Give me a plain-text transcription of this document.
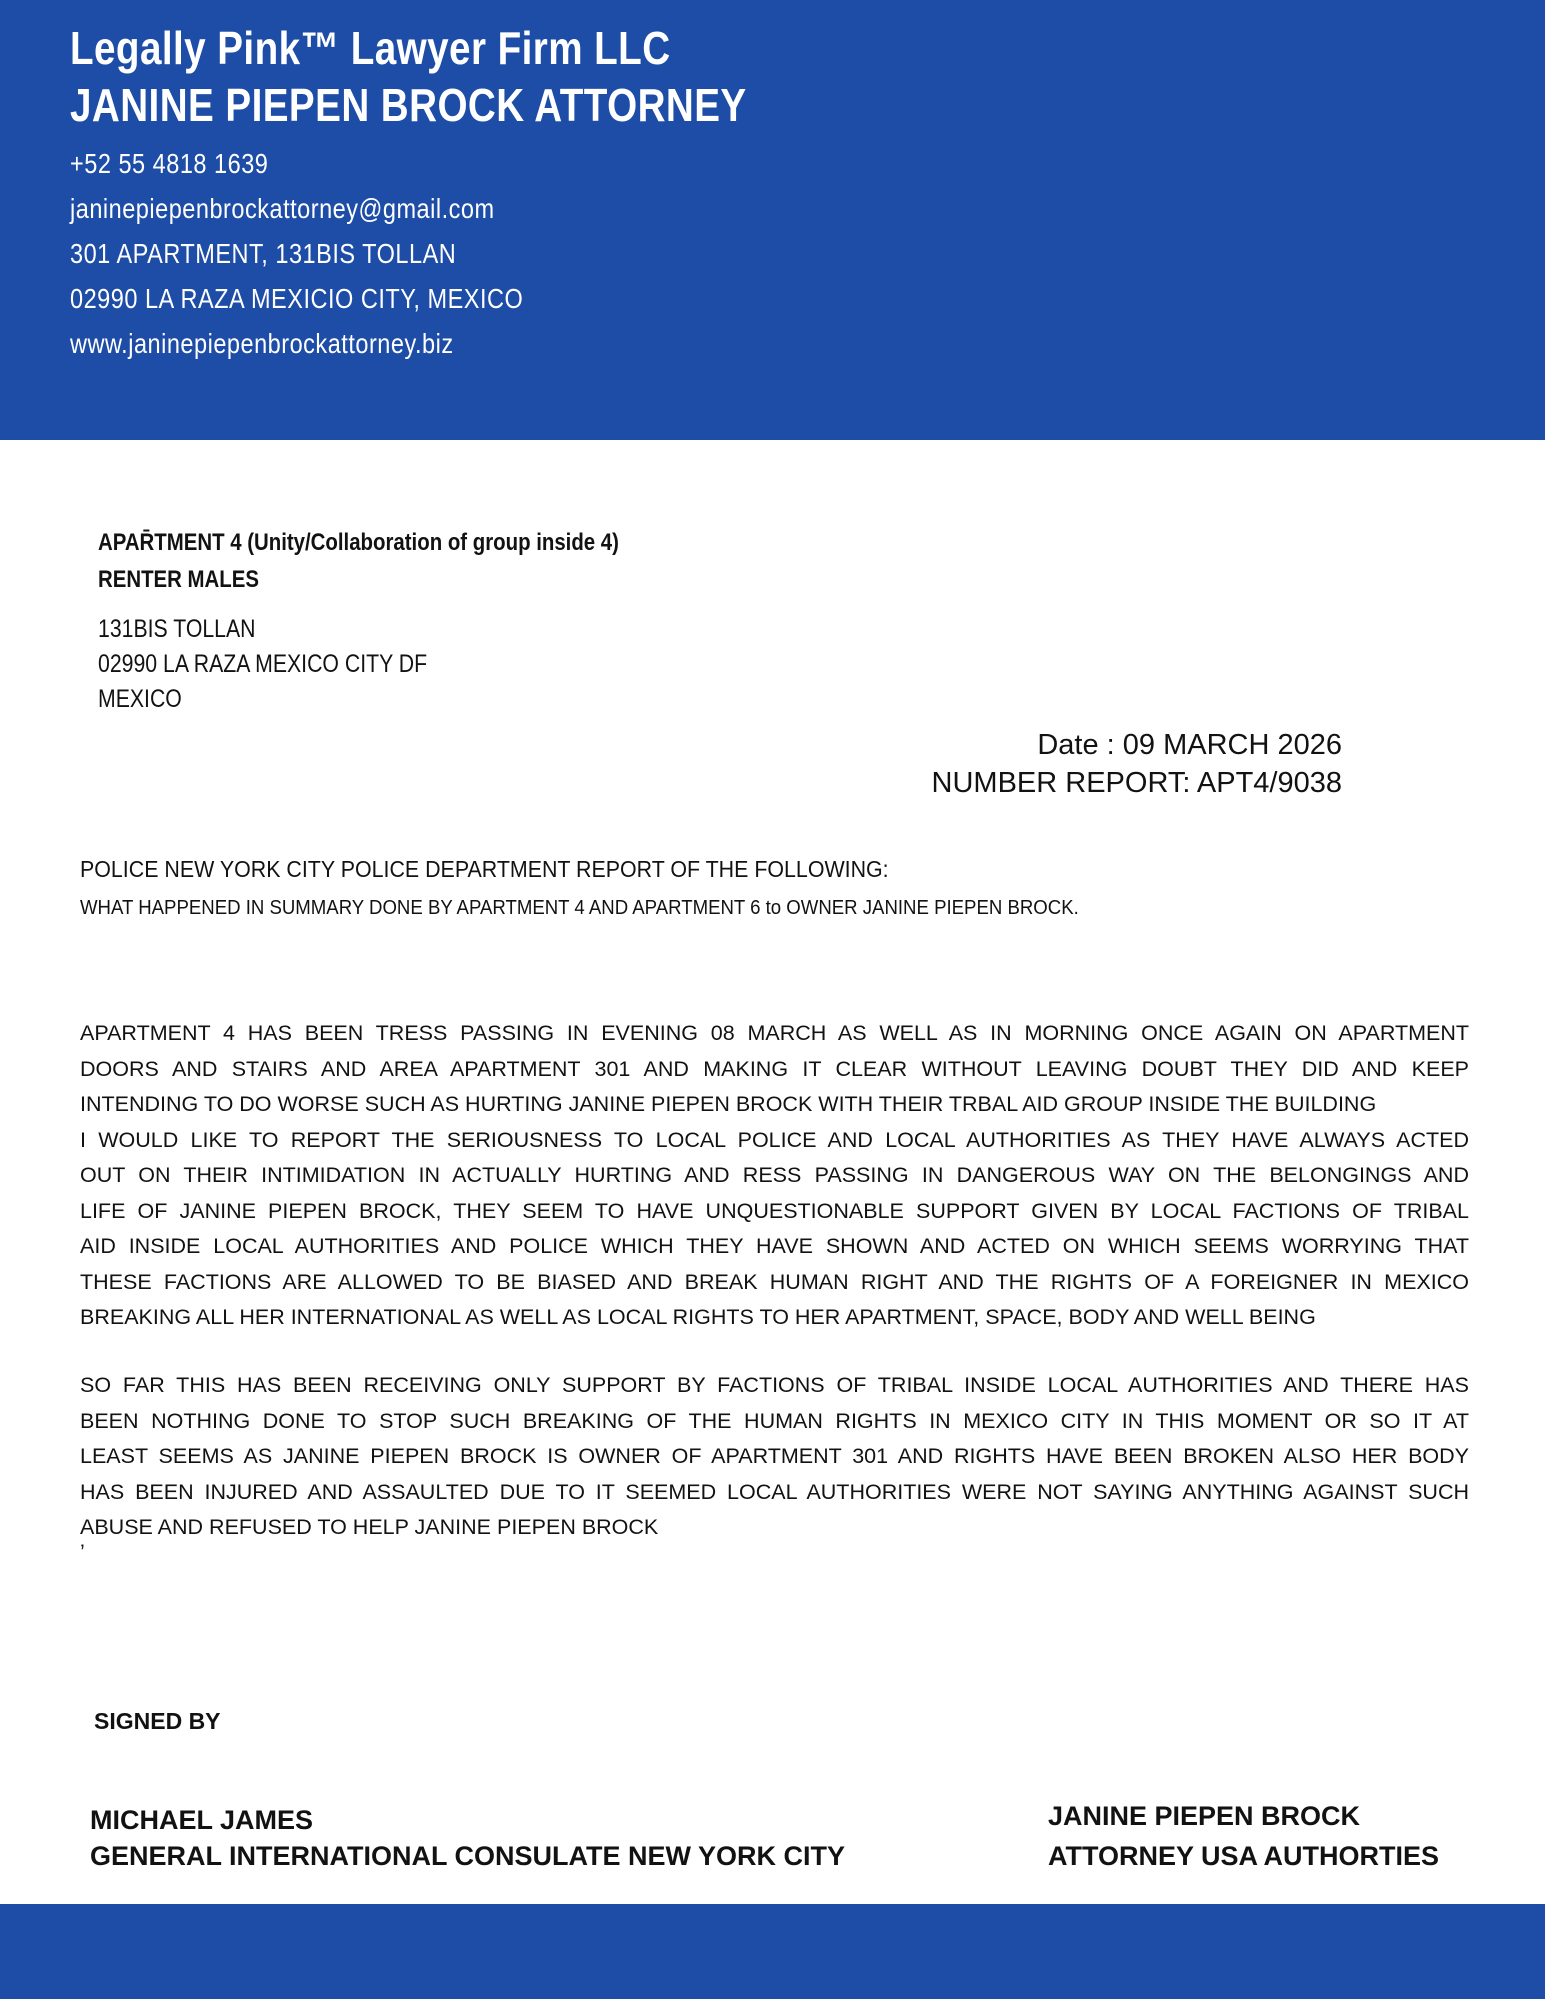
Legally Pink™ Lawyer Firm LLC
JANINE PIEPEN BROCK ATTORNEY
+52 55 4818 1639
janinepiepenbrockattorney@gmail.com
301 APARTMENT, 131BIS TOLLAN
02990 LA RAZA MEXICIO CITY, MEXICO
www.janinepiepenbrockattorney.biz
APAR̄TMENT 4 (Unity/Collaboration of group inside 4)
RENTER MALES
131BIS TOLLAN
02990 LA RAZA MEXICO CITY DF
MEXICO
Date : 09 MARCH 2026
NUMBER REPORT: APT4/9038
POLICE NEW YORK CITY POLICE DEPARTMENT REPORT OF THE FOLLOWING:
WHAT HAPPENED IN SUMMARY DONE BY APARTMENT 4 AND APARTMENT 6 to OWNER JANINE PIEPEN BROCK.
APARTMENT 4 HAS BEEN TRESS PASSING IN EVENING 08 MARCH AS WELL AS IN MORNING ONCE AGAIN ON APARTMENT
DOORS AND STAIRS AND AREA APARTMENT 301 AND MAKING IT CLEAR WITHOUT LEAVING DOUBT THEY DID AND KEEP
INTENDING TO DO WORSE SUCH AS HURTING JANINE PIEPEN BROCK WITH THEIR TRBAL AID GROUP INSIDE THE BUILDING
I WOULD LIKE TO REPORT THE SERIOUSNESS TO LOCAL POLICE AND LOCAL AUTHORITIES AS THEY HAVE ALWAYS ACTED
OUT ON THEIR INTIMIDATION IN ACTUALLY HURTING AND RESS PASSING IN DANGEROUS WAY ON THE BELONGINGS AND
LIFE OF JANINE PIEPEN BROCK, THEY SEEM TO HAVE UNQUESTIONABLE SUPPORT GIVEN BY LOCAL FACTIONS OF TRIBAL
AID INSIDE LOCAL AUTHORITIES AND POLICE WHICH THEY HAVE SHOWN AND ACTED ON WHICH SEEMS WORRYING THAT
THESE FACTIONS ARE ALLOWED TO BE BIASED AND BREAK HUMAN RIGHT AND THE RIGHTS OF A FOREIGNER IN MEXICO
BREAKING ALL HER INTERNATIONAL AS WELL AS LOCAL RIGHTS TO HER APARTMENT, SPACE, BODY AND WELL BEING
SO FAR THIS HAS BEEN RECEIVING ONLY SUPPORT BY FACTIONS OF TRIBAL INSIDE LOCAL AUTHORITIES AND THERE HAS
BEEN NOTHING DONE TO STOP SUCH BREAKING OF THE HUMAN RIGHTS IN MEXICO CITY IN THIS MOMENT OR SO IT AT
LEAST SEEMS AS JANINE PIEPEN BROCK IS OWNER OF APARTMENT 301 AND RIGHTS HAVE BEEN BROKEN ALSO HER BODY
HAS BEEN INJURED AND ASSAULTED DUE TO IT SEEMED LOCAL AUTHORITIES WERE NOT SAYING ANYTHING AGAINST SUCH
ABUSE AND REFUSED TO HELP JANINE PIEPEN BROCK
’
SIGNED BY
MICHAEL JAMES
GENERAL INTERNATIONAL CONSULATE NEW YORK CITY
JANINE PIEPEN BROCK
ATTORNEY USA AUTHORTIES
